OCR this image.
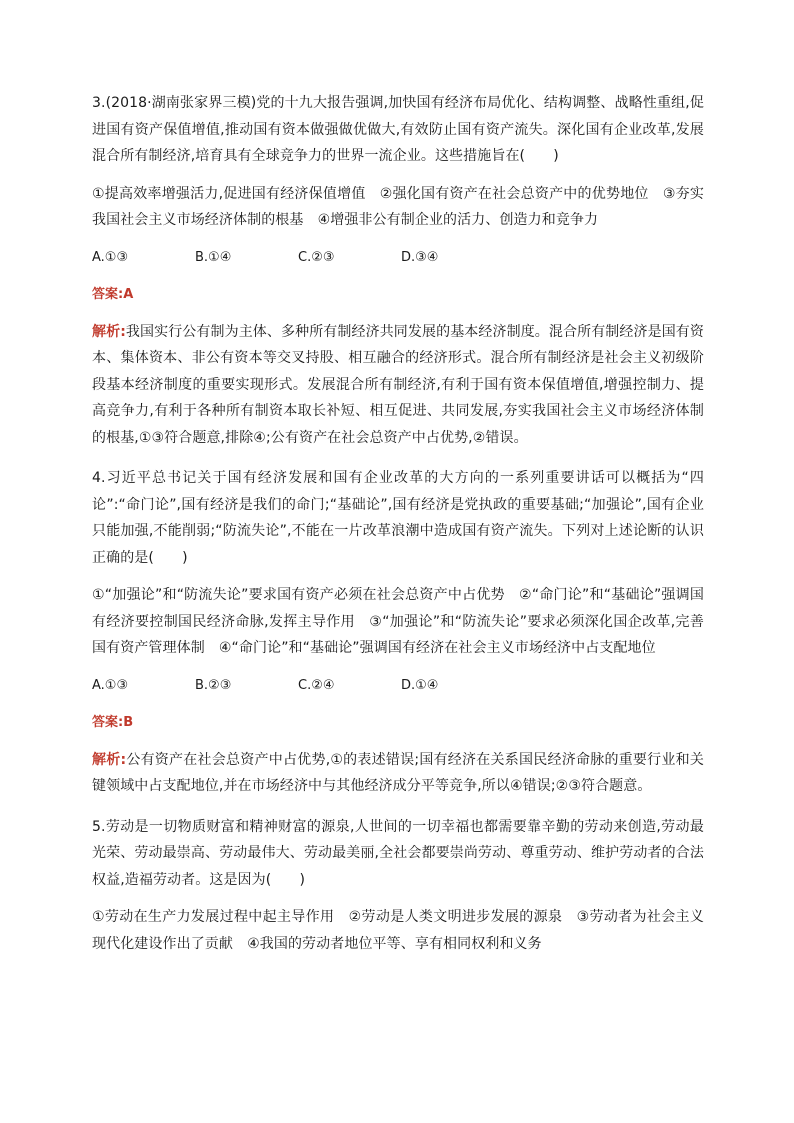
3.(2018·湖南张家界三模)党的十九大报告强调,加快国有经济布局优化、结构调整、战略性重组,促进国有资产保值增值,推动国有资本做强做优做大,有效防止国有资产流失。深化国有企业改革,发展混合所有制经济,培育具有全球竞争力的世界一流企业。这些措施旨在(　　)

①提高效率增强活力,促进国有经济保值增值　②强化国有资产在社会总资产中的优势地位　③夯实我国社会主义市场经济体制的根基　④增强非公有制企业的活力、创造力和竞争力

A.①③	B.①④	C.②③	D.③④
答案:A

解析:我国实行公有制为主体、多种所有制经济共同发展的基本经济制度。混合所有制经济是国有资本、集体资本、非公有资本等交叉持股、相互融合的经济形式。混合所有制经济是社会主义初级阶段基本经济制度的重要实现形式。发展混合所有制经济,有利于国有资本保值增值,增强控制力、提高竞争力,有利于各种所有制资本取长补短、相互促进、共同发展,夯实我国社会主义市场经济体制的根基,①③符合题意,排除④;公有资产在社会总资产中占优势,②错误。

4.习近平总书记关于国有经济发展和国有企业改革的大方向的一系列重要讲话可以概括为“四论”:“命门论”,国有经济是我们的命门;“基础论”,国有经济是党执政的重要基础;“加强论”,国有企业只能加强,不能削弱;“防流失论”,不能在一片改革浪潮中造成国有资产流失。下列对上述论断的认识正确的是(　　)

①“加强论”和“防流失论”要求国有资产必须在社会总资产中占优势　②“命门论”和“基础论”强调国有经济要控制国民经济命脉,发挥主导作用　③“加强论”和“防流失论”要求必须深化国企改革,完善国有资产管理体制　④“命门论”和“基础论”强调国有经济在社会主义市场经济中占支配地位

A.①③	B.②③	C.②④	D.①④
答案:B

解析:公有资产在社会总资产中占优势,①的表述错误;国有经济在关系国民经济命脉的重要行业和关键领域中占支配地位,并在市场经济中与其他经济成分平等竞争,所以④错误;②③符合题意。

5.劳动是一切物质财富和精神财富的源泉,人世间的一切幸福也都需要靠辛勤的劳动来创造,劳动最光荣、劳动最崇高、劳动最伟大、劳动最美丽,全社会都要崇尚劳动、尊重劳动、维护劳动者的合法权益,造福劳动者。这是因为(　　)

①劳动在生产力发展过程中起主导作用　②劳动是人类文明进步发展的源泉　③劳动者为社会主义现代化建设作出了贡献　④我国的劳动者地位平等、享有相同权利和义务
